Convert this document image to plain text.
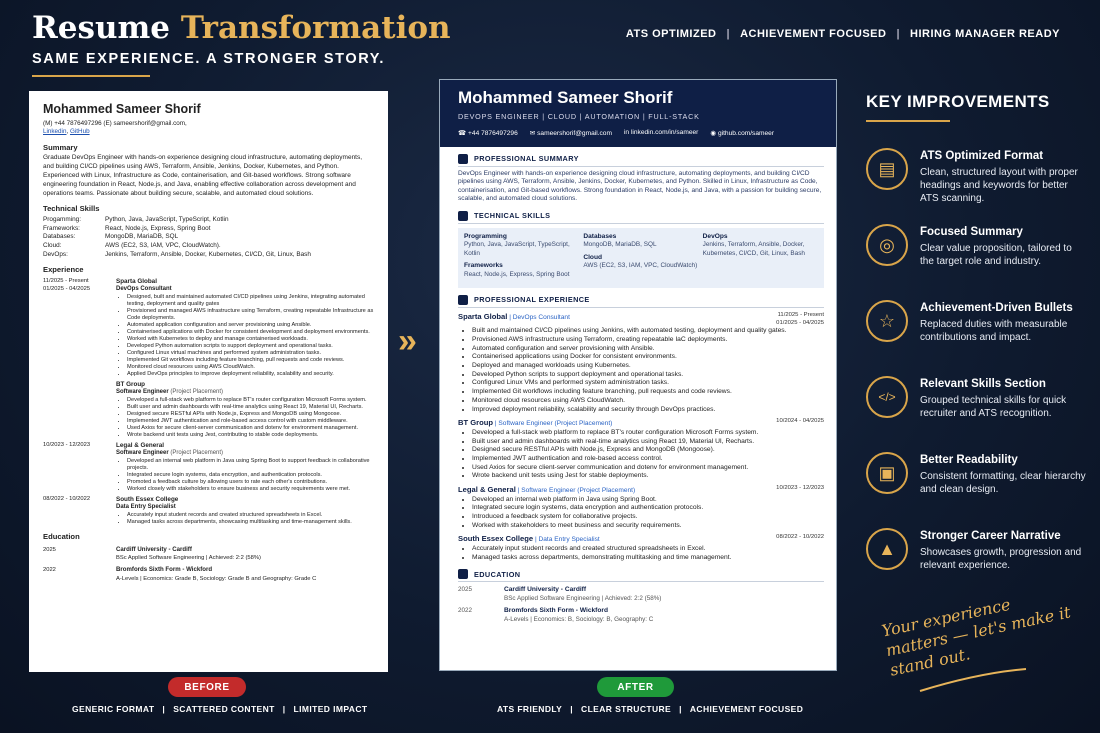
Resume Transformation
SAME EXPERIENCE. A STRONGER STORY.
ATS OPTIMIZED | ACHIEVEMENT FOCUSED | HIRING MANAGER READY
Mohammed Sameer Shorif
(M) +44 7876497296 (E) sameershorif@gmail.com,
Linkedin, GitHub
Summary

Graduate DevOps Engineer with hands-on experience designing cloud infrastructure, automating deployments, and building CI/CD pipelines using AWS, Terraform, Ansible, Jenkins, Docker, Kubernetes, and Python. Experienced with Linux, Infrastructure as Code, containerisation, and Git-based workflows. Strong software engineering foundation in React, Node.js, and Java, enabling effective collaboration across development and operations teams. Passionate about building secure, scalable, and automated cloud solutions.

Technical Skills
Progamming:	Python, Java, JavaScript, TypeScript, Kotlin
Frameworks:	React, Node.js, Express, Spring Boot
Databases:	MongoDB, MariaDB, SQL
Cloud:	AWS (EC2, S3, IAM, VPC, CloudWatch).
DevOps:	Jenkins, Terraform, Ansible, Docker, Kubernetes, CI/CD, Git, Linux, Bash
Experience
11/2025 - Present
01/2025 - 04/2025
Sparta Global
DevOps Consultant
• Designed, built and maintained automated CI/CD pipelines using Jenkins, integrating automated testing, deployment and quality gates
• Provisioned and managed AWS infrastructure using Terraform, creating repeatable Infrastructure as Code deployments.
• Automated application configuration and server provisioning using Ansible.
• Containerised applications with Docker for consistent development and deployment environments.
• Worked with Kubernetes to deploy and manage containerised workloads.
• Developed Python automation scripts to support deployment and operational tasks.
• Configured Linux virtual machines and performed system administration tasks.
• Implemented Git workflows including feature branching, pull requests and code reviews.
• Monitored cloud resources using AWS CloudWatch.
• Applied DevOps principles to improve deployment reliability, scalability and security.
BT Group
Software Engineer (Project Placement)
• Developed a full-stack web platform to replace BT's router configuration Microsoft Forms system.
• Built user and admin dashboards with real-time analytics using React 19, Material UI, Recharts.
• Designed secure RESTful APIs with Node.js, Express and MongoDB using Mongoose.
• Implemented JWT authentication and role-based access control with custom middleware.
• Used Axios for secure client-server communication and dotenv for environment management.
• Wrote backend unit tests using Jest, contributing to stable code deployments.
10/2023 - 12/2023	Legal & General
Software Engineer (Project Placement)
• Developed an internal web platform in Java using Spring Boot to support feedback in collaborative projects.
• Integrated secure login systems, data encryption, and authentication protocols.
• Promoted a feedback culture by allowing users to rate each other's contributions.
• Worked closely with stakeholders to ensure business and security requirements were met.
08/2022 - 10/2022	South Essex College
Data Entry Specialist
• Accurately input student records and created structured spreadsheets in Excel.
• Managed tasks across departments, showcasing multitasking and time-management skills.
Education
2025	Cardiff University - Cardiff
BSc Applied Software Engineering | Achieved: 2:2 (58%)
2022	Bromfords Sixth Form - Wickford
A-Levels | Economics: Grade B, Sociology: Grade B and Geography: Grade C
»
Mohammed Sameer Shorif
DEVOPS ENGINEER | CLOUD | AUTOMATION | FULL-STACK
☎ +44 7876497296 ✉ sameershorif@gmail.com in linkedin.com/in/sameer ◉ github.com/sameer
PROFESSIONAL SUMMARY
DevOps Engineer with hands-on experience designing cloud infrastructure, automating deployments, and building CI/CD pipelines using AWS, Terraform, Ansible, Jenkins, Docker, Kubernetes, and Python. Skilled in Linux, Infrastructure as Code, containerisation, and Git-based workflows. Strong foundation in React, Node.js, and Java, with a passion for building secure, scalable, and automated cloud solutions.
TECHNICAL SKILLS
Programming
Python, Java, JavaScript, TypeScript, Kotlin
Frameworks
React, Node.js, Express, Spring Boot
Databases
MongoDB, MariaDB, SQL
Cloud
AWS (EC2, S3, IAM, VPC, CloudWatch)
DevOps
Jenkins, Terraform, Ansible, Docker, Kubernetes, CI/CD, Git, Linux, Bash
PROFESSIONAL EXPERIENCE
Sparta Global | DevOps Consultant	11/2025 - Present
01/2025 - 04/2025
• Built and maintained CI/CD pipelines using Jenkins, with automated testing, deployment and quality gates.
• Provisioned AWS infrastructure using Terraform, creating repeatable IaC deployments.
• Automated configuration and server provisioning with Ansible.
• Containerised applications using Docker for consistent environments.
• Deployed and managed workloads using Kubernetes.
• Developed Python scripts to support deployment and operational tasks.
• Configured Linux VMs and performed system administration tasks.
• Implemented Git workflows including feature branching, pull requests and code reviews.
• Monitored cloud resources using AWS CloudWatch.
• Improved deployment reliability, scalability and security through DevOps practices.
BT Group | Software Engineer (Project Placement)	10/2024 - 04/2025
• Developed a full-stack web platform to replace BT's router configuration Microsoft Forms system.
• Built user and admin dashboards with real-time analytics using React 19, Material UI, Recharts.
• Designed secure RESTful APIs with Node.js, Express and MongoDB (Mongoose).
• Implemented JWT authentication and role-based access control.
• Used Axios for secure client-server communication and dotenv for environment management.
• Wrote backend unit tests using Jest for stable deployments.
Legal & General | Software Engineer (Project Placement)	10/2023 - 12/2023
• Developed an internal web platform in Java using Spring Boot.
• Integrated secure login systems, data encryption and authentication protocols.
• Introduced a feedback system for collaborative projects.
• Worked with stakeholders to meet business and security requirements.
South Essex College | Data Entry Specialist	08/2022 - 10/2022
• Accurately input student records and created structured spreadsheets in Excel.
• Managed tasks across departments, demonstrating multitasking and time management.
EDUCATION
2025	Cardiff University - Cardiff
BSc Applied Software Engineering | Achieved: 2:2 (58%)
2022	Bromfords Sixth Form - Wickford
A-Levels | Economics: B, Sociology: B, Geography: C
BEFORE	AFTER
GENERIC FORMAT | SCATTERED CONTENT | LIMITED IMPACT	ATS FRIENDLY | CLEAR STRUCTURE | ACHIEVEMENT FOCUSED
KEY IMPROVEMENTS
▤
ATS Optimized Format

Clean, structured layout with proper headings and keywords for better ATS scanning.

◎
Focused Summary

Clear value proposition, tailored to the target role and industry.

☆
Achievement-Driven Bullets

Replaced duties with measurable contributions and impact.

</>
Relevant Skills Section

Grouped technical skills for quick recruiter and ATS recognition.

▣
Better Readability

Consistent formatting, clear hierarchy and clean design.

▲
Stronger Career Narrative

Showcases growth, progression and relevant experience.

Your experience matters — let's make it stand out.
